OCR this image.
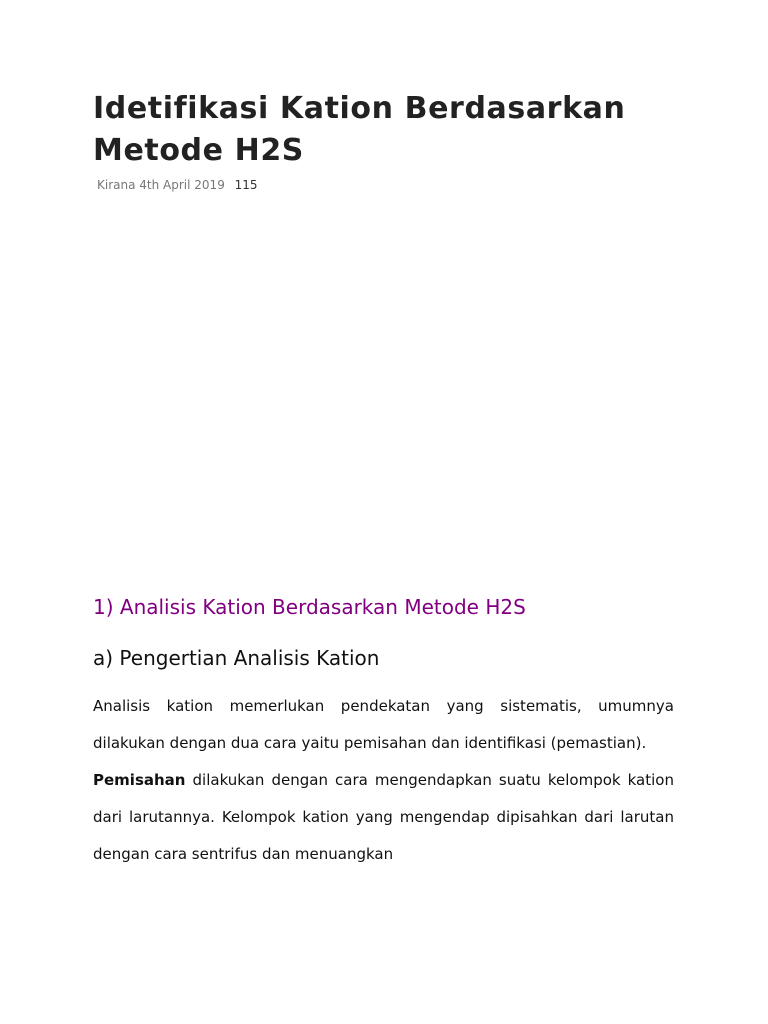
Idetifikasi Kation Berdasarkan Metode H2S
Kirana 4th April 2019 115
1) Analisis Kation Berdasarkan Metode H2S
a) Pengertian Analisis Kation

Analisis kation memerlukan pendekatan yang sistematis, umumnya dilakukan dengan dua cara yaitu pemisahan dan identifikasi (pemastian).

Pemisahan dilakukan dengan cara mengendapkan suatu kelompok kation dari larutannya. Kelompok kation yang mengendap dipisahkan dari larutan dengan cara sentrifus dan menuangkan
